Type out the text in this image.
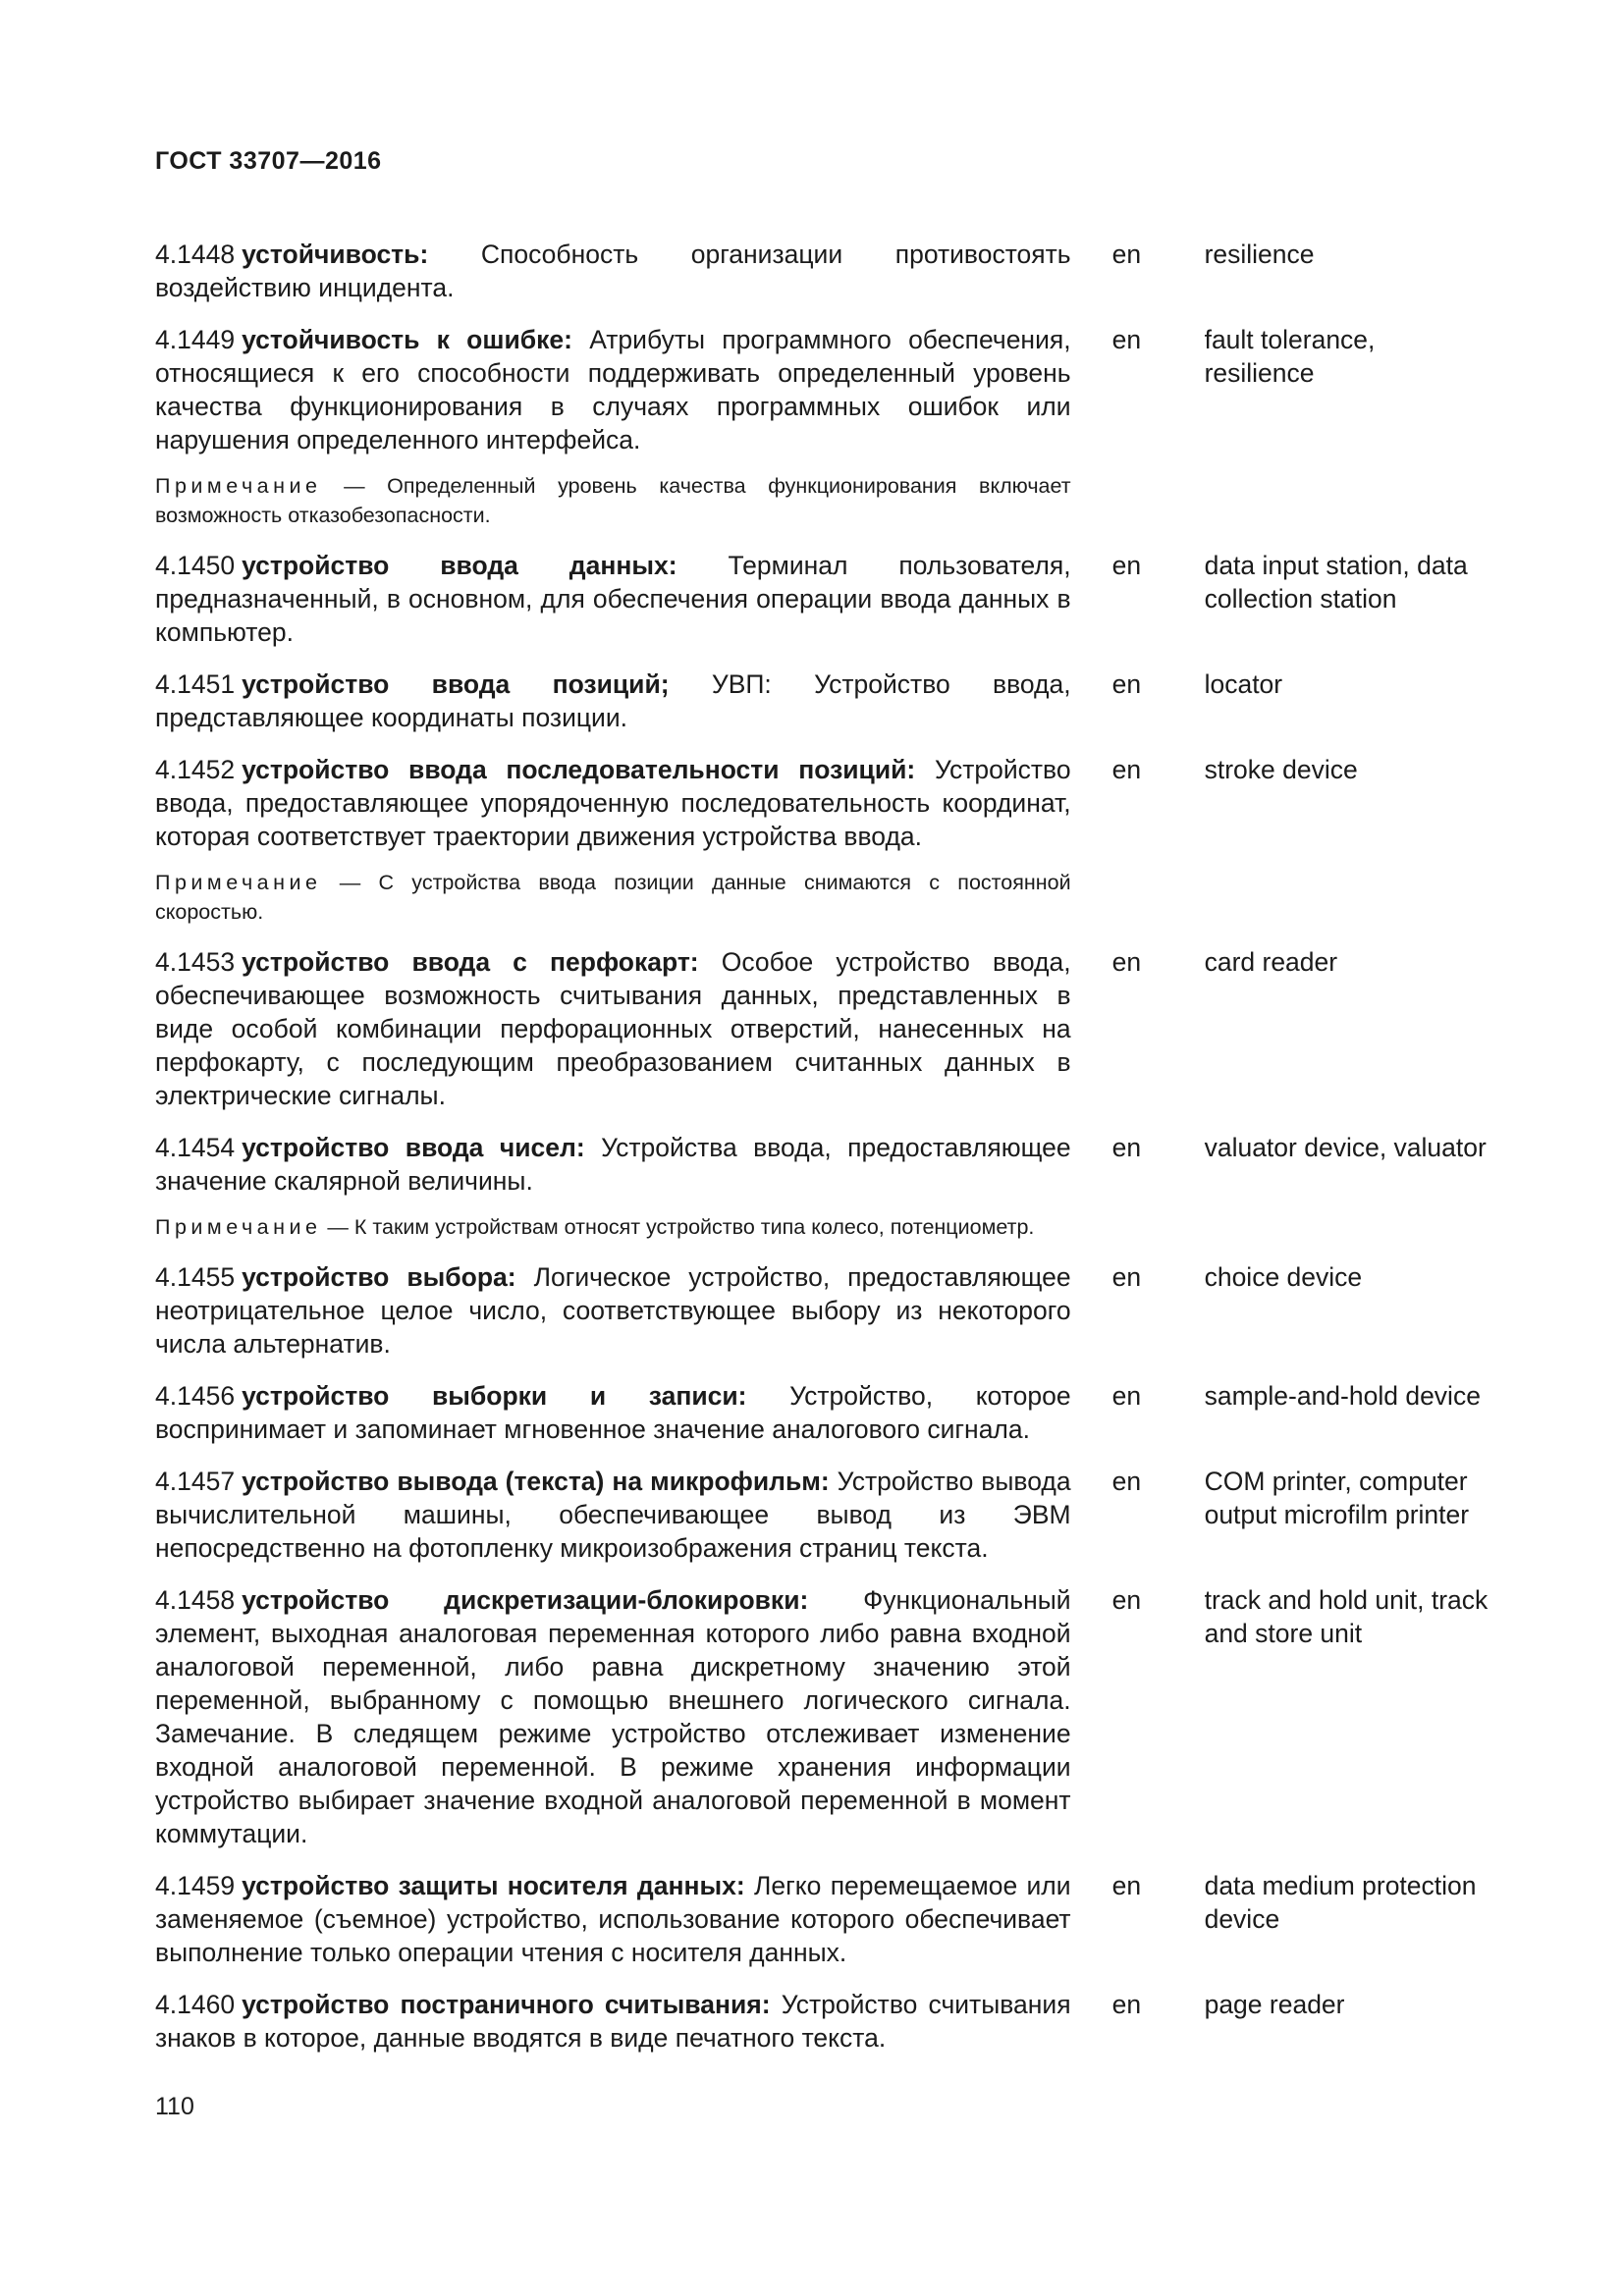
ГОСТ 33707—2016
4.1448 устойчивость: Способность организации противостоять воздействию инцидента.
en	resilience
4.1449 устойчивость к ошибке: Атрибуты программного обеспечения, относящиеся к его способности поддерживать определенный уровень качества функционирования в случаях программных ошибок или нарушения определенного интерфейса.
Примечание — Определенный уровень качества функционирования включает возможность отказобезопасности.
en	fault tolerance, resilience
4.1450 устройство ввода данных: Терминал пользователя, предназначенный, в основном, для обеспечения операции ввода данных в компьютер.
en	data input station, data collection station
4.1451 устройство ввода позиций; УВП: Устройство ввода, представляющее координаты позиции.
en	locator
4.1452 устройство ввода последовательности позиций: Устройство ввода, предоставляющее упорядоченную последовательность координат, которая соответствует траектории движения устройства ввода.
Примечание — С устройства ввода позиции данные снимаются с постоянной скоростью.
en	stroke device
4.1453 устройство ввода с перфокарт: Особое устройство ввода, обеспечивающее возможность считывания данных, представленных в виде особой комбинации перфорационных отверстий, нанесенных на перфокарту, с последующим преобразованием считанных данных в электрические сигналы.
en	card reader
4.1454 устройство ввода чисел: Устройства ввода, предоставляющее значение скалярной величины.
Примечание — К таким устройствам относят устройство типа колесо, потенциометр.
en	valuator device, valuator
4.1455 устройство выбора: Логическое устройство, предоставляющее неотрицательное целое число, соответствующее выбору из некоторого числа альтернатив.
en	choice device
4.1456 устройство выборки и записи: Устройство, которое воспринимает и запоминает мгновенное значение аналогового сигнала.
en	sample-and-hold device
4.1457 устройство вывода (текста) на микрофильм: Устройство вывода вычислительной машины, обеспечивающее вывод из ЭВМ непосредственно на фотопленку микроизображения страниц текста.
en	COM printer, computer output microfilm printer
4.1458 устройство дискретизации-блокировки: Функциональный элемент, выходная аналоговая переменная которого либо равна входной аналоговой переменной, либо равна дискретному значению этой переменной, выбранному с помощью внешнего логического сигнала. Замечание. В следящем режиме устройство отслеживает изменение входной аналоговой переменной. В режиме хранения информации устройство выбирает значение входной аналоговой переменной в момент коммутации.
en	track and hold unit, track and store unit
4.1459 устройство защиты носителя данных: Легко перемещаемое или заменяемое (съемное) устройство, использование которого обеспечивает выполнение только операции чтения с носителя данных.
en	data medium protection device
4.1460 устройство постраничного считывания: Устройство считывания знаков в которое, данные вводятся в виде печатного текста.
en	page reader
110
